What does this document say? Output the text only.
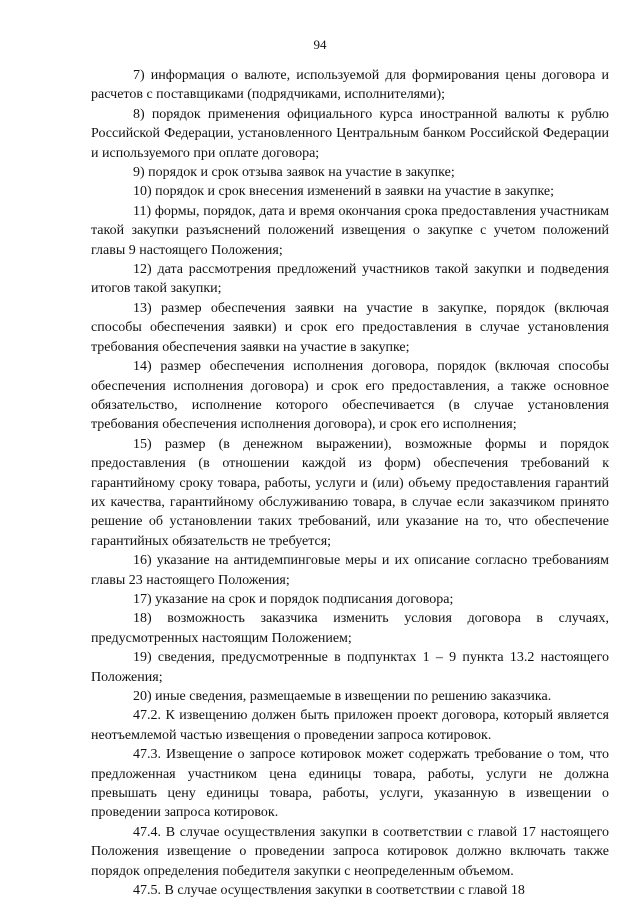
94

7) информация о валюте, используемой для формирования цены договора и расчетов с поставщиками (подрядчиками, исполнителями);

8) порядок применения официального курса иностранной валюты к рублю Российской Федерации, установленного Центральным банком Российской Федерации и используемого при оплате договора;

9) порядок и срок отзыва заявок на участие в закупке;

10) порядок и срок внесения изменений в заявки на участие в закупке;

11) формы, порядок, дата и время окончания срока предоставления участникам такой закупки разъяснений положений извещения о закупке с учетом положений главы 9 настоящего Положения;

12) дата рассмотрения предложений участников такой закупки и подведения итогов такой закупки;

13) размер обеспечения заявки на участие в закупке, порядок (включая способы обеспечения заявки) и срок его предоставления в случае установления требования обеспечения заявки на участие в закупке;

14) размер обеспечения исполнения договора, порядок (включая способы обеспечения исполнения договора) и срок его предоставления, а также основное обязательство, исполнение которого обеспечивается (в случае установления требования обеспечения исполнения договора), и срок его исполнения;

15) размер (в денежном выражении), возможные формы и порядок предоставления (в отношении каждой из форм) обеспечения требований к гарантийному сроку товара, работы, услуги и (или) объему предоставления гарантий их качества, гарантийному обслуживанию товара, в случае если заказчиком принято решение об установлении таких требований, или указание на то, что обеспечение гарантийных обязательств не требуется;

16) указание на антидемпинговые меры и их описание согласно требованиям главы 23 настоящего Положения;

17) указание на срок и порядок подписания договора;

18) возможность заказчика изменить условия договора в случаях, предусмотренных настоящим Положением;

19) сведения, предусмотренные в подпунктах 1 – 9 пункта 13.2 настоящего Положения;

20) иные сведения, размещаемые в извещении по решению заказчика.

47.2. К извещению должен быть приложен проект договора, который является неотъемлемой частью извещения о проведении запроса котировок.

47.3. Извещение о запросе котировок может содержать требование о том, что предложенная участником цена единицы товара, работы, услуги не должна превышать цену единицы товара, работы, услуги, указанную в извещении о проведении запроса котировок.

47.4. В случае осуществления закупки в соответствии с главой 17 настоящего Положения извещение о проведении запроса котировок должно включать также порядок определения победителя закупки с неопределенным объемом.

47.5. В случае осуществления закупки в соответствии с главой 18
